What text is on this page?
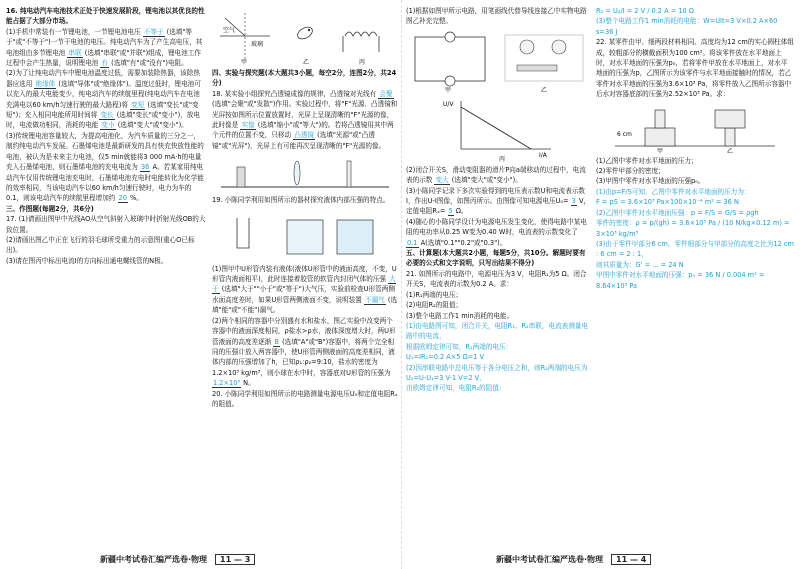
16. 纯电动汽车电池技术正处于快速发展阶段，锂电池以其优良的性能占据了大部分市场。

(1)手机中常装有一节锂电池，一节锂电池电压 不等于 (选填"等于"或"不等于")一节干电池的电压。纯电动汽车为了产生高电压，其电池组由多节锂电池 串联 (选填"串联"或"并联")组成，锂电池工作过程中会产生热量，说明锂电池 有 (选填"有"或"没有")电阻。

(2)为了让纯电动汽车中锂电池温度过低，需要加装除热器，该除热器应选用 绝缘体 (选填"导体"或"绝缘体")。温度过低时，锂电池可以充入的最大电能变少，纯电动汽车的续航里程(纯电动汽车在电池充满电以60 km/h匀速行驶的最大路程)将 变短 (选填"变长"或"变短")；充入相同电能所用时间将 变长 (选填"变长"或"变小")，放电时，电流做功相同，消耗的电能 变小 (选填"变大"或"变小")。

(3)传统锂电池容量较大，为提高电池化，为汽车质量的三分之一，制约纯电动汽车发展。石墨烯电池是最新研发的具有快充快放性能的电池，被认为是未来主力电池，仅5 min就能将3 000 mA·h的电量充入石墨烯电池，则石墨烯电池的充电电流为 36 A。若某家用纯电动汽车仅用传统锂电池充电时，石墨烯电池充电时电能转化为化学能的效率相同，当该电动汽车以60 km/h匀速行驶时，电力为车的0.1，则该电动汽车的续航里程增加约 20 %。

三、作图题(每题2分，共6分)

17. (1)请画出图甲中光线AO从空气斜射入玻璃中时折射光线OB的大致位置。

(2)请画出图乙中正在飞行的羽毛球所受重力的示意图(重心O已标出)。

(3)请在图丙中标出电流I的方向标出通电螺线管的N极。

空气
玻璃
甲	乙	丙

四、实验与探究题(本大题共3小题，每空2分，连图2分，共24分)

18. 某实验小组探究凸透镜成像的规律，凸透镜对光线有 会聚 (选填"会聚"或"发散")作用。实验过程中，将"F"光源、凸透镜和光屏按如图所示位置放置时，光屏上呈现清晰的"F"光源的像，此时像是 实像 (选填"缩小"或"等大")的。若将凸透镜用其中两个元件的位置不变，只移动 凸透镜 (选填"光源"或"凸透镜"或"光屏")，光屏上有可能再次呈现清晰的"F"光源的像。

19. 小陈同学利用如图所示的器材探究液体内部压强的特点。

(1)图甲中U形管内装有液体(液体U形管中的液面高度，不变，U形管内液面相平)，此时连接着胶管的软管内封闭气体的压强 大于 (选填"大于""小于"或"等于")大气压，实验前检查U形管两侧水面高度差时，如果U形管两侧液面不变，说明装置 不漏气 (选填"能"或"不能")漏气。

(2)两个相同的容器中分别盛有水和盐水，图乙实验中改变两个容器中的液面深度相同，ρ盐水>ρ水，液体深度增大时，两U形管液面的高度差逐渐 B (选填"A"或"B")容器中，将两个完全相同的压强计放入两容器中，使U形管两侧液面的高度差相同，液体内部的压强增加了h，已知ρ₁:ρ₂=9:10，盐水的密度为1.2×10³ kg/m³，则小球在水中时，容器底对U形管的压强为 1.2×10³ N。

20. 小陈同学利用如图所示的电路测量电源电压U₀和定值电阻Rₓ的阻值。

(1)根据如图甲所示电路，用笔画线代替导线连接乙中实物电路图乙补充完整。

甲	乙
U/V
I/A
丙

(2)闭合开关S，滑动变阻器的滑片P向a端移动的过程中，电流表的示数 变大 (选填"变大"或"变小")。

(3)小陈同学记录下多次实验得到的电压表示数U和电流表示数I，作出U-I图像，如图丙所示。由图像可知电源电压U₀= 3 V，定值电阻Rₓ= 5 Ω。

(4)随心的小陈同学设计为电源电压发生变化，使得电路中某电阻的电功率从0.25 W变为0.40 W时，电流表的示数变化了 0.1 A(选填"0.1""0.2"或"0.3")。

五、计算题(本大题共2小题，每题5分，共10分。解题时要有必要的公式和文字说明，只写出结果不得分)

21. 如图所示的电路中，电源电压为3 V，电阻R₁为5 Ω。闭合开关S，电流表的示数为0.2 A。求：

(1)R₁两端的电压；

(2)电阻R₂的阻值；

(3)整个电路工作1 min消耗的电能。

(1)由电路图可知，闭合开关，电阻R₁、R₂串联，电流表测量电路中的电流，

根据欧姆定律可知，R₁两端的电压：

U₁=IR₁=0.2 A×5 Ω=1 V

(2)因串联电路中总电压等于各分电压之和，则R₂两端的电压为U₂=U-U₁=3 V-1 V=2 V，

由欧姆定律可知，电阻R₂的阻值：

R₂ = U₂/I = 2 V / 0.2 A = 10 Ω

(3)整个电路工作1 min消耗的电能：W=UIt=3 V×0.2 A×60 s=36 J

22. 某零件由甲、细两段材料相同、高度均为12 cm的实心圆柱体组成，较粗部分的横截面积为100 cm²。将该零件放在水平地面上时，对水平地面的压强为p₀，若将零件甲放在水平地面上，对水平地面的压强为p，乙图所示为该零件与水平地面接触时的情况，若乙零件对水平地面的压强为3.6×10³ Pa，将零件放入乙图所示容器中后水对容器底部的压强为2.52×10³ Pa。求：

6 cm
甲	乙

(1)乙图中零件对水平地面的压力；

(2)零件甲部分的密度；

(3)甲图中零件对水平地面的压强p₀。

(1)由p=F/S可知，乙图中零件对水平地面的压力为：

F = pS = 3.6×10³ Pa×100×10⁻⁴ m² = 36 N

(2)乙图中零件对水平地面压强：p = F/S = G/S = ρgh

零件的密度：ρ = p/(gh) = 3.6×10³ Pa / (10 N/kg×0.12 m) = 3×10³ kg/m³

(3)由于零件甲部分6 cm，零件细部分与甲部分的高度之比为12 cm : 6 cm = 2 : 1，

则其质量为：G' = ... = 24 N

甲图中零件对水平地面的压强：p₀ = 36 N / 0.004 m² = 8.64×10³ Pa

新疆中考试卷汇编严选卷·物理	11 — 3	新疆中考试卷汇编严选卷·物理	11 — 4
